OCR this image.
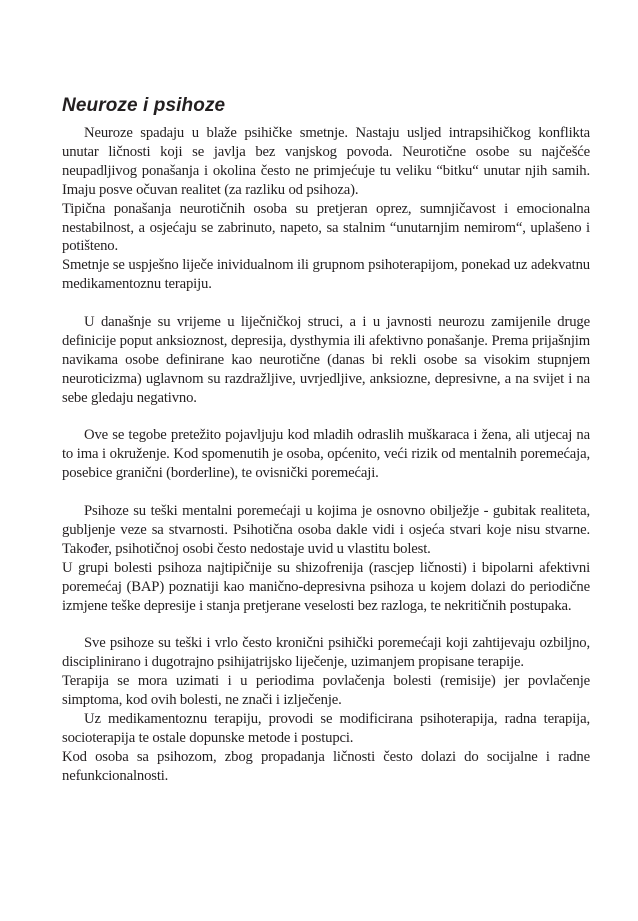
Neuroze i psihoze

Neuroze spadaju u blaže psihičke smetnje. Nastaju usljed intrapsihičkog konflikta unutar ličnosti koji se javlja bez vanjskog povoda. Neurotične osobe su najčešće neupadljivog ponašanja i okolina često ne primjećuje tu veliku “bitku“ unutar njih samih. Imaju posve očuvan realitet (za razliku od psihoza).

Tipična ponašanja neurotičnih osoba su pretjeran oprez, sumnjičavost i emocionalna nestabilnost, a osjećaju se zabrinuto, napeto, sa stalnim “unutarnjim nemirom“, uplašeno i potišteno.

Smetnje se uspješno liječe inividualnom ili grupnom psihoterapijom, ponekad uz adekvatnu medikamentoznu terapiju.

U današnje su vrijeme u liječničkoj struci, a i u javnosti neurozu zamijenile druge definicije poput anksioznost, depresija, dysthymia ili afektivno ponašanje. Prema prijašnjim navikama osobe definirane kao neurotične (danas bi rekli osobe sa visokim stupnjem neuroticizma) uglavnom su razdražljive, uvrjedljive, anksiozne, depresivne, a na svijet i na sebe gledaju negativno.

Ove se tegobe pretežito pojavljuju kod mladih odraslih muškaraca i žena, ali utjecaj na to ima i okruženje. Kod spomenutih je osoba, općenito, veći rizik od mentalnih poremećaja, posebice granični (borderline), te ovisnički poremećaji.

Psihoze su teški mentalni poremećaji u kojima je osnovno obilježje - gubitak realiteta, gubljenje veze sa stvarnosti. Psihotična osoba dakle vidi i osjeća stvari koje nisu stvarne. Također, psihotičnoj osobi često nedostaje uvid u vlastitu bolest.

U grupi bolesti psihoza najtipičnije su shizofrenija (rascjep ličnosti) i bipolarni afektivni poremećaj (BAP) poznatiji kao manično-depresivna psihoza u kojem dolazi do periodične izmjene teške depresije i stanja pretjerane veselosti bez razloga, te nekritičnih postupaka.

Sve psihoze su teški i vrlo često kronični psihički poremećaji koji zahtijevaju ozbiljno, disciplinirano i dugotrajno psihijatrijsko liječenje, uzimanjem propisane terapije.

Terapija se mora uzimati i u periodima povlačenja bolesti (remisije) jer povlačenje simptoma, kod ovih bolesti, ne znači i izlječenje.

Uz medikamentoznu terapiju, provodi se modificirana psihoterapija, radna terapija, socioterapija te ostale dopunske metode i postupci.

Kod osoba sa psihozom, zbog propadanja ličnosti često dolazi do socijalne i radne nefunkcionalnosti.
